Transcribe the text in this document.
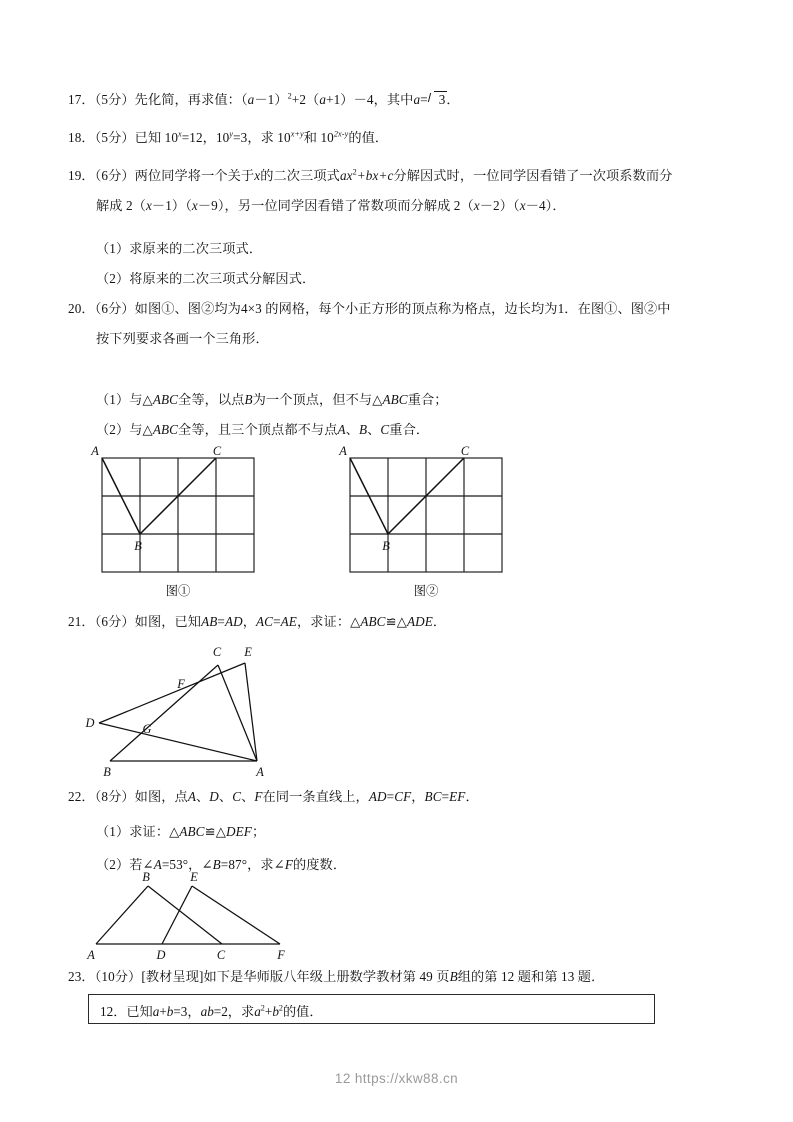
17．（5分）先化简，再求值：$(a-1)^2+2(a+1)-4$，其中a= 3．
18．（5分）已知 $10^x=12$，$10^y=3$，求 $10^{x+y}$和 $10^{2x-y}$的值．
19．（6分）两位同学将一个关于x的二次三项式$ax^2+bx+c$分解因式时，一位同学因看错了一次项系数而分
解成 2（x－1）（x－9），另一位同学因看错了常数项而分解成 2（x－2）（x－4）．
（1）求原来的二次三项式．
（2）将原来的二次三项式分解因式．
20．（6分）如图①、图②均为4×3 的网格，每个小正方形的顶点称为格点，边长均为1．在图①、图②中
按下列要求各画一个三角形．
（1）与△ABC全等，以点B为一个顶点，但不与△ABC重合；
（2）与△ABC全等，且三个顶点都不与点A、B、C重合．
A
B
C
图①
A
B
C
图②
21．（6分）如图，已知AB=AD，AC=AE，求证：△ABC≌△ADE．
C E
F
D	G
B	A
22．（8分）如图，点A、D、C、F在同一条直线上，AD=CF，BC=EF．
（1）求证：△ABC≌△DEF；
（2）若∠A=53°，∠B=87°，求∠F的度数．
B	E
A	D	C	F
23．（10分）[教材呈现]如下是华师版八年级上册数学教材第 49 页B组的第 12 题和第 13 题．
12．已知a+b=3，ab=2，求$a^2+b^2$的值．
12 https://xkw88.cn
